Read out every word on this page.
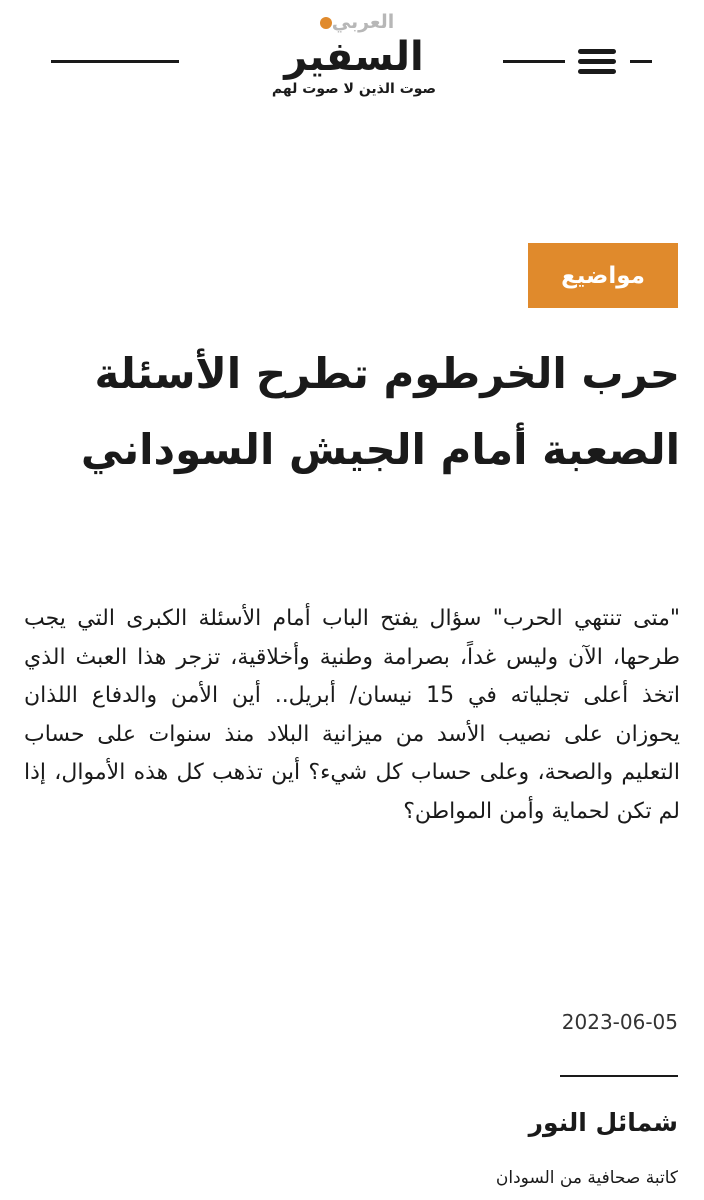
العربي
السفير
صوت الذين لا صوت لهم
مواضيع
حرب الخرطوم تطرح الأسئلة الصعبة أمام الجيش السوداني

"متى تنتهي الحرب" سؤال يفتح الباب أمام الأسئلة الكبرى التي يجب طرحها، الآن وليس غداً، بصرامة وطنية وأخلاقية، تزجر هذا العبث الذي اتخذ أعلى تجلياته في 15 نيسان/ أبريل.. أين الأمن والدفاع اللذان يحوزان على نصيب الأسد من ميزانية البلاد منذ سنوات على حساب التعليم والصحة، وعلى حساب كل شيء؟ أين تذهب كل هذه الأموال، إذا لم تكن لحماية وأمن المواطن؟

2023-06-05
شمائل النور
كاتبة صحافية من السودان
